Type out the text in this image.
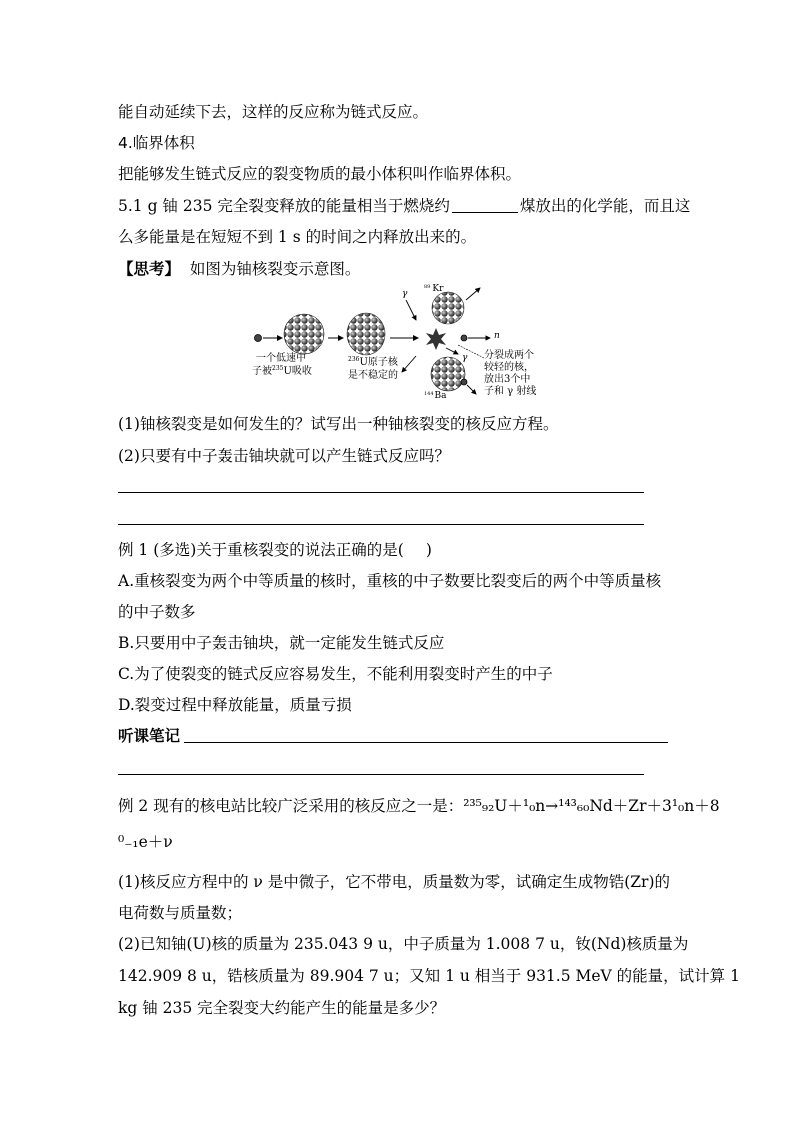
能自动延续下去，这样的反应称为链式反应。
4.临界体积
把能够发生链式反应的裂变物质的最小体积叫作临界体积。
5.1 g 铀 235 完全裂变释放的能量相当于燃烧约	煤放出的化学能，而且这
么多能量是在短短不到 1 s 的时间之内释放出来的。
【思考】 如图为铀核裂变示意图。
一个低速中
子被$^{235}$U吸收
$^{236}$U原子核
是不稳定的
γ
89 Kr
$^{144}$Ba
n
γ 分裂成两个
较轻的核，
放出3个中
子和 γ 射线
(1)铀核裂变是如何发生的？试写出一种铀核裂变的核反应方程。
(2)只要有中子轰击铀块就可以产生链式反应吗？
例 1 (多选)关于重核裂变的说法正确的是( )
A.重核裂变为两个中等质量的核时，重核的中子数要比裂变后的两个中等质量核
的中子数多
B.只要用中子轰击铀块，就一定能发生链式反应
C.为了使裂变的链式反应容易发生，不能利用裂变时产生的中子
D.裂变过程中释放能量，质量亏损
听课笔记
例 2 现有的核电站比较广泛采用的核反应之一是：²³⁵₉₂U＋¹₀n→¹⁴³₆₀Nd＋Zr＋3¹₀n＋8
⁰₋₁e＋ν
(1)核反应方程中的 ν 是中微子，它不带电，质量数为零，试确定生成物锆(Zr)的
电荷数与质量数；
(2)已知铀(U)核的质量为 235.043 9 u，中子质量为 1.008 7 u，钕(Nd)核质量为
142.909 8 u，锆核质量为 89.904 7 u；又知 1 u 相当于 931.5 MeV 的能量，试计算 1
kg 铀 235 完全裂变大约能产生的能量是多少？
